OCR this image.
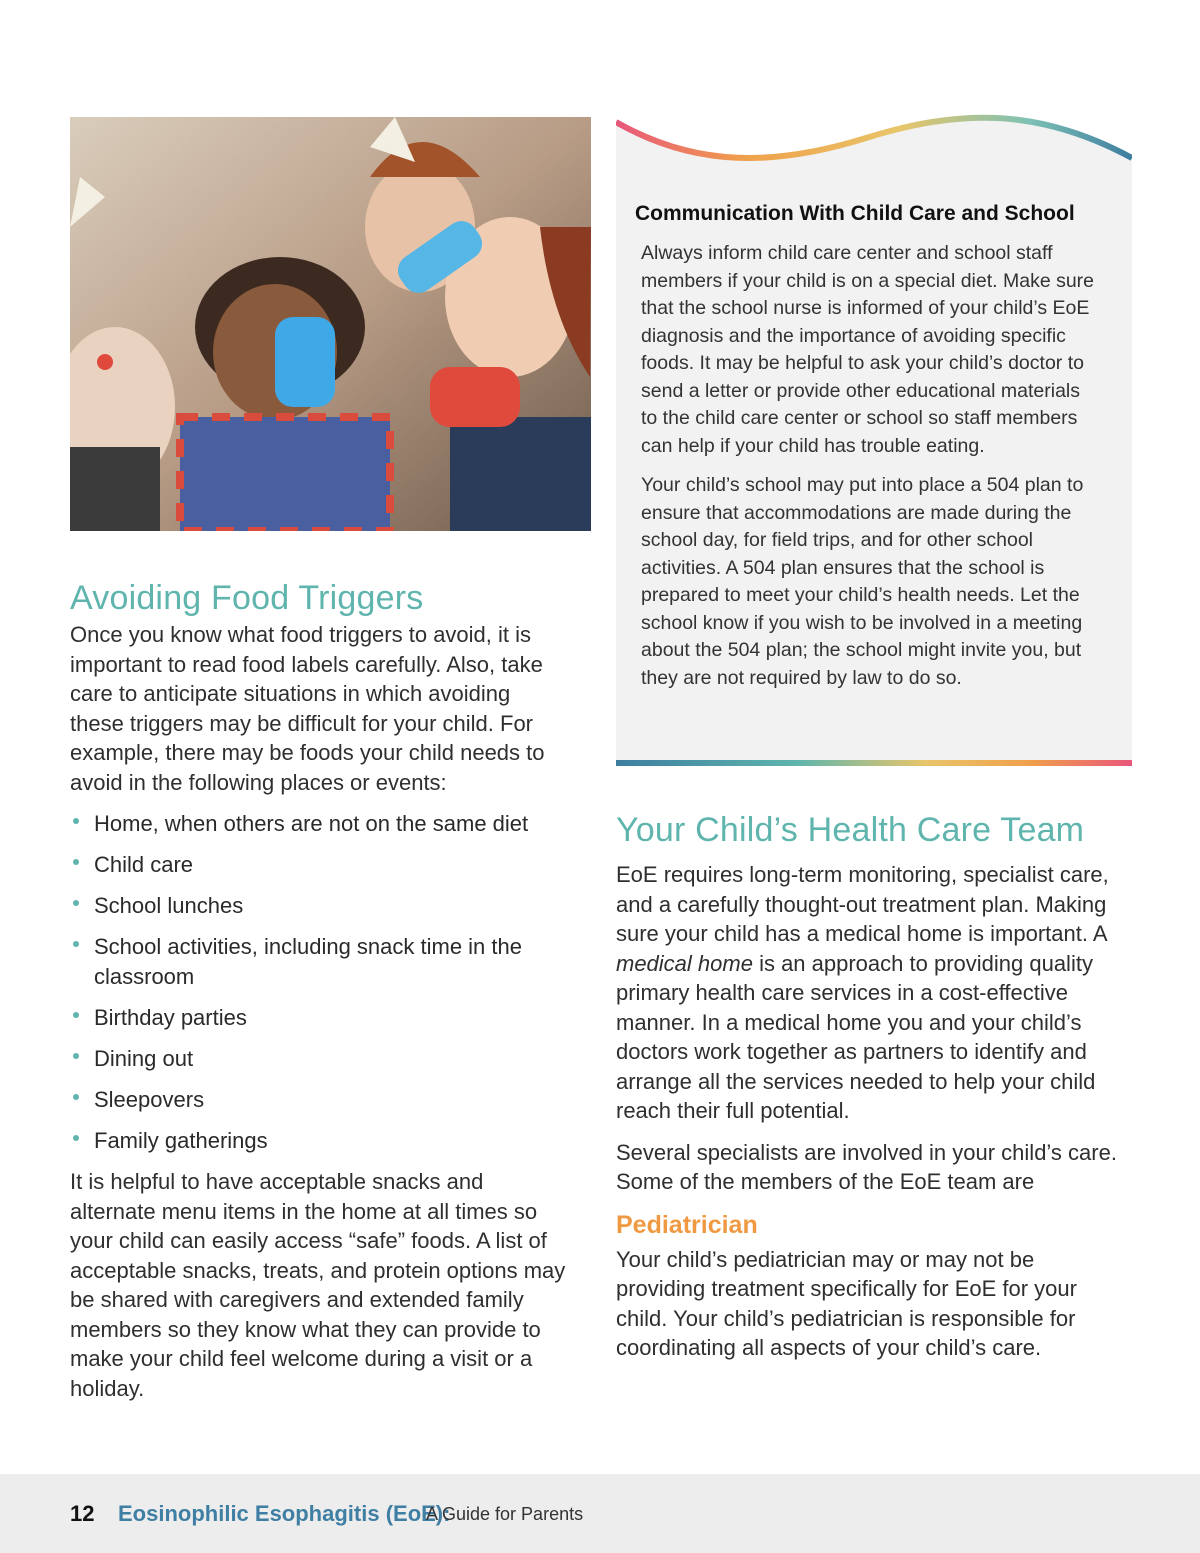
Avoiding Food Triggers

Once you know what food triggers to avoid, it is important to read food labels carefully. Also, take care to anticipate situations in which avoiding these triggers may be difficult for your child. For example, there may be foods your child needs to avoid in the following places or events:

Home, when others are not on the same diet
Child care
School lunches
School activities, including snack time in the classroom
Birthday parties
Dining out
Sleepovers
Family gatherings

It is helpful to have acceptable snacks and alternate menu items in the home at all times so your child can easily access “safe” foods. A list of acceptable snacks, treats, and protein options may be shared with caregivers and extended family members so they know what they can provide to make your child feel welcome during a visit or a holiday.

Communication With Child Care and School

Always inform child care center and school staff members if your child is on a special diet. Make sure that the school nurse is informed of your child’s EoE diagnosis and the importance of avoiding specific foods. It may be helpful to ask your child’s doctor to send a letter or provide other educational materials to the child care center or school so staff members can help if your child has trouble eating.

Your child’s school may put into place a 504 plan to ensure that accommodations are made during the school day, for field trips, and for other school activities. A 504 plan ensures that the school is prepared to meet your child’s health needs. Let the school know if you wish to be involved in a meeting about the 504 plan; the school might invite you, but they are not required by law to do so.

Your Child’s Health Care Team

EoE requires long-term monitoring, specialist care, and a carefully thought-out treatment plan. Making sure your child has a medical home is important. A medical home is an approach to providing quality primary health care services in a cost-effective manner. In a medical home you and your child’s doctors work together as partners to identify and arrange all the services needed to help your child reach their full potential.

Several specialists are involved in your child’s care. Some of the members of the EoE team are

Pediatrician

Your child’s pediatrician may or may not be providing treatment specifically for EoE for your child. Your child’s pediatrician is responsible for coordinating all aspects of your child’s care.

12 Eosinophilic Esophagitis (EoE):
A Guide for Parents
